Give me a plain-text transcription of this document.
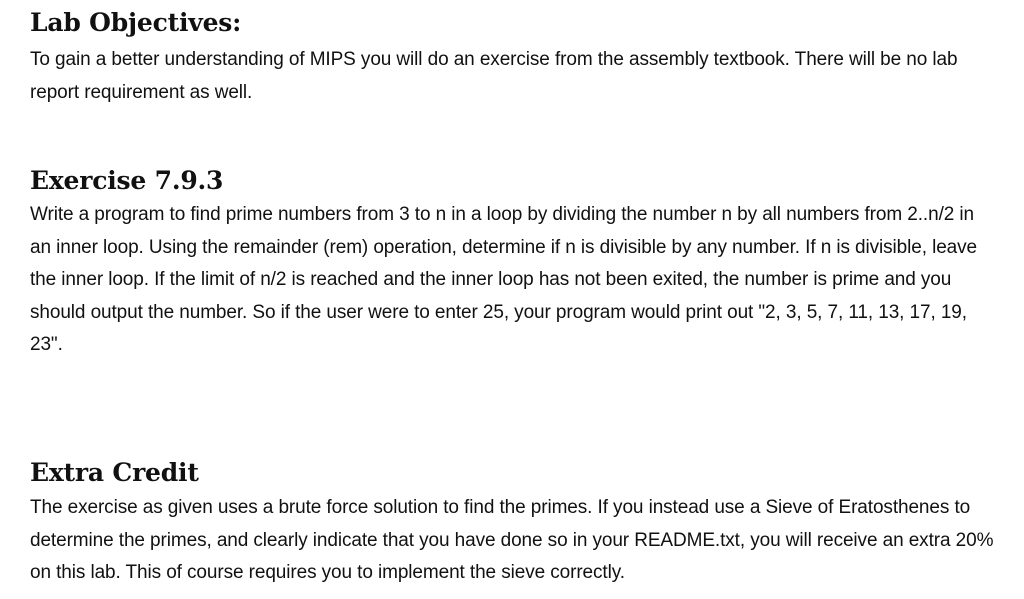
Lab Objectives:

To gain a better understanding of MIPS you will do an exercise from the assembly textbook. There will be no lab report requirement as well.

Exercise 7.9.3

Write a program to find prime numbers from 3 to n in a loop by dividing the number n by all numbers from 2..n/2 in an inner loop. Using the remainder (rem) operation, determine if n is divisible by any number. If n is divisible, leave the inner loop. If the limit of n/2 is reached and the inner loop has not been exited, the number is prime and you should output the number. So if the user were to enter 25, your program would print out "2, 3, 5, 7, 11, 13, 17, 19, 23".

Extra Credit

The exercise as given uses a brute force solution to find the primes. If you instead use a Sieve of Eratosthenes to determine the primes, and clearly indicate that you have done so in your README.txt, you will receive an extra 20% on this lab. This of course requires you to implement the sieve correctly.
